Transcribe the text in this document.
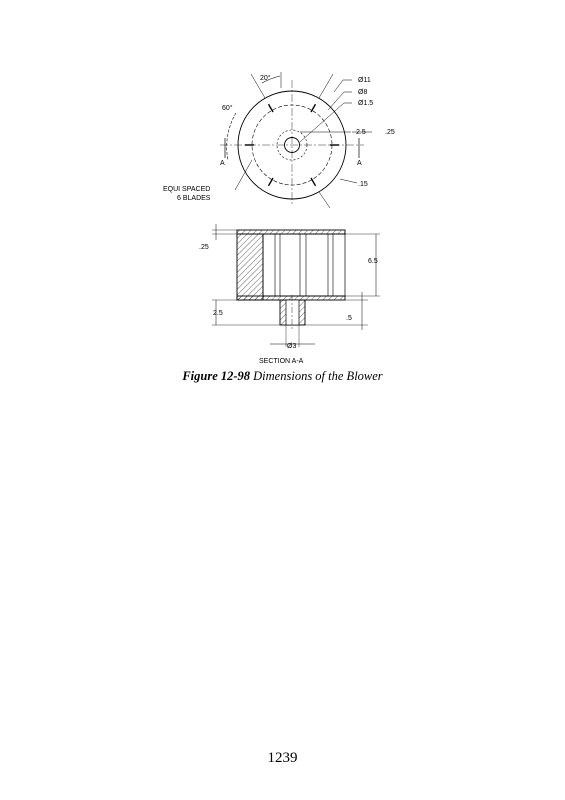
20°
60°
Ø11
Ø8
Ø1.5
2.5	.25
.15
A	A
EQUI SPACED
6 BLADES
.25
6.5
2.5
.5
Ø3
SECTION A-A
Figure 12-98 Dimensions of the Blower
1239
